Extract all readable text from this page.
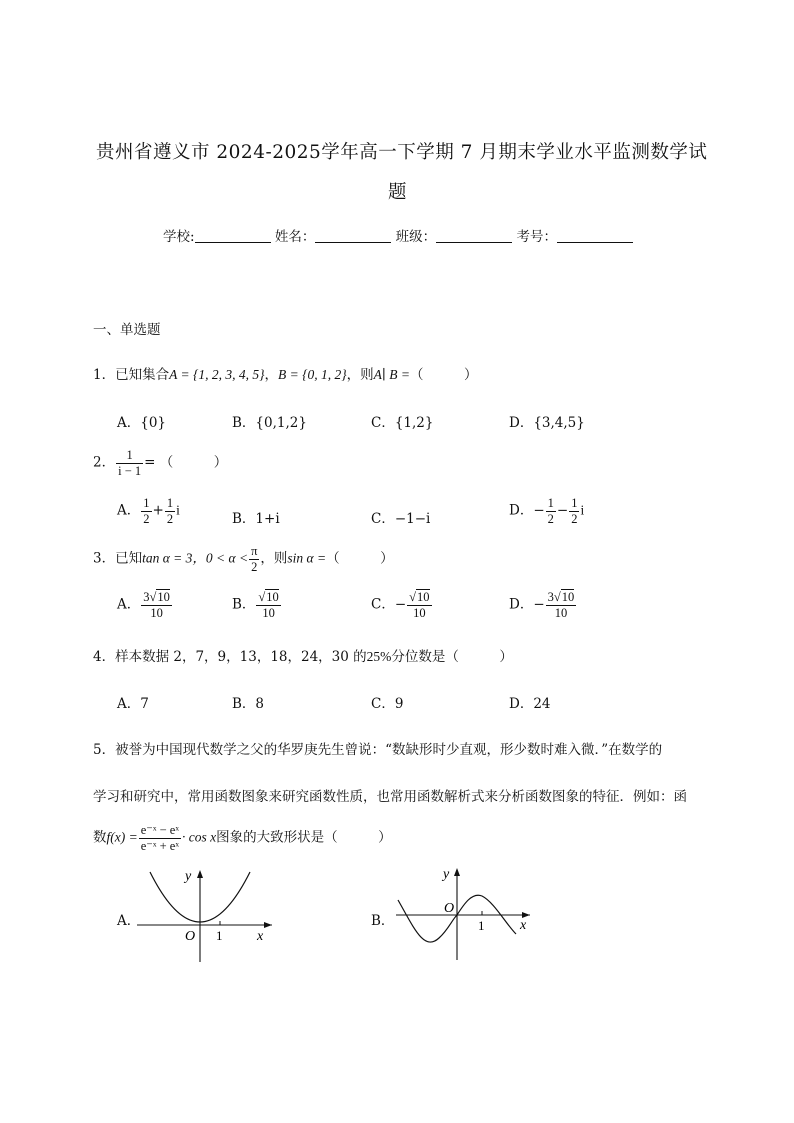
贵州省遵义市 2024-2025学年高一下学期 7 月期末学业水平监测数学试
题
学校:	姓名：	班级：	考号：
一、单选题
1．已知集合A = {1, 2, 3, 4, 5}，B = {0, 1, 2}，则A∣ B =（　　　）
A．{0}	B．{0,1,2}	C．{1,2}	D．{3,4,5}
2． $\frac{1}{i - 1}$ = （　　　）
A． $\frac{1}{2} + \frac{1}{2}$ i
B．1+i	C．−1−i
D．− $\frac{1}{2} - \frac{1}{2}$ i
3．已知tan α = 3，$0 < \alpha < \frac{\pi}{2}$ ，则sin α =（　　　）
A． $\frac{3√10}{10}$	B． $\frac{√10}{10}$	C．− $\frac{√10}{10}$	D．− $\frac{3√10}{10}$
4．样本数据 2，7，9，13，18，24，30 的25%分位数是（　　　）
A．7	B．8	C．9	D．24
5．被誉为中国现代数学之父的华罗庚先生曾说：“数缺形时少直观，形少数时难入微．”在数学的
学习和研究中，常用函数图象来研究函数性质，也常用函数解析式来分析函数图象的特征．例如：函
数$f(x) = \frac{\text{e⁻ˣ − eˣ}}{\text{e⁻ˣ + eˣ}} \cdot \cos x$图象的大致形状是（　　　）
A．
y
x
O 1
B．
y
x
O
1
